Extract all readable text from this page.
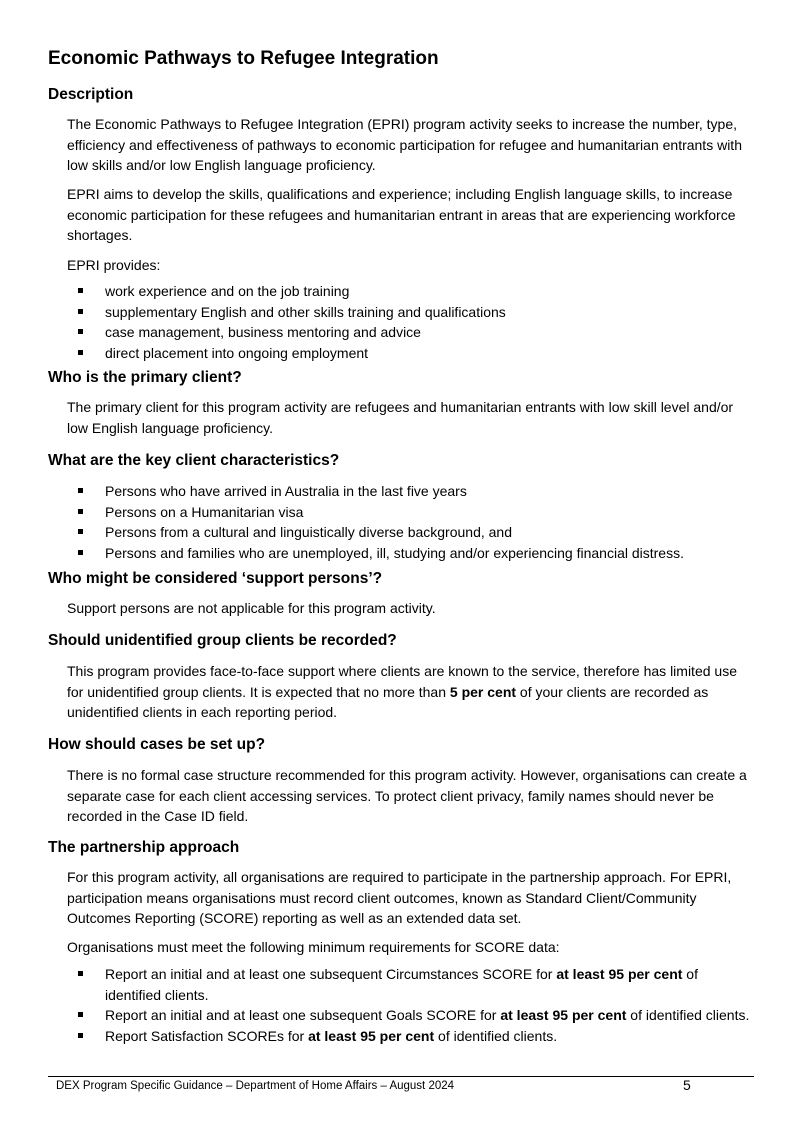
Economic Pathways to Refugee Integration
Description

The Economic Pathways to Refugee Integration (EPRI) program activity seeks to increase the number, type, efficiency and effectiveness of pathways to economic participation for refugee and humanitarian entrants with low skills and/or low English language proficiency.

EPRI aims to develop the skills, qualifications and experience; including English language skills, to increase economic participation for these refugees and humanitarian entrant in areas that are experiencing workforce shortages.

EPRI provides:

work experience and on the job training
supplementary English and other skills training and qualifications
case management, business mentoring and advice
direct placement into ongoing employment
Who is the primary client?

The primary client for this program activity are refugees and humanitarian entrants with low skill level and/or low English language proficiency.

What are the key client characteristics?
Persons who have arrived in Australia in the last five years
Persons on a Humanitarian visa
Persons from a cultural and linguistically diverse background, and
Persons and families who are unemployed, ill, studying and/or experiencing financial distress.
Who might be considered ‘support persons’?

Support persons are not applicable for this program activity.

Should unidentified group clients be recorded?

This program provides face-to-face support where clients are known to the service, therefore has limited use for unidentified group clients. It is expected that no more than 5 per cent of your clients are recorded as unidentified clients in each reporting period.

How should cases be set up?

There is no formal case structure recommended for this program activity. However, organisations can create a separate case for each client accessing services. To protect client privacy, family names should never be recorded in the Case ID field.

The partnership approach

For this program activity, all organisations are required to participate in the partnership approach. For EPRI, participation means organisations must record client outcomes, known as Standard Client/Community Outcomes Reporting (SCORE) reporting as well as an extended data set.

Organisations must meet the following minimum requirements for SCORE data:

Report an initial and at least one subsequent Circumstances SCORE for at least 95 per cent of identified clients.
Report an initial and at least one subsequent Goals SCORE for at least 95 per cent of identified clients.
Report Satisfaction SCOREs for at least 95 per cent of identified clients.
DEX Program Specific Guidance – Department of Home Affairs – August 2024	5
